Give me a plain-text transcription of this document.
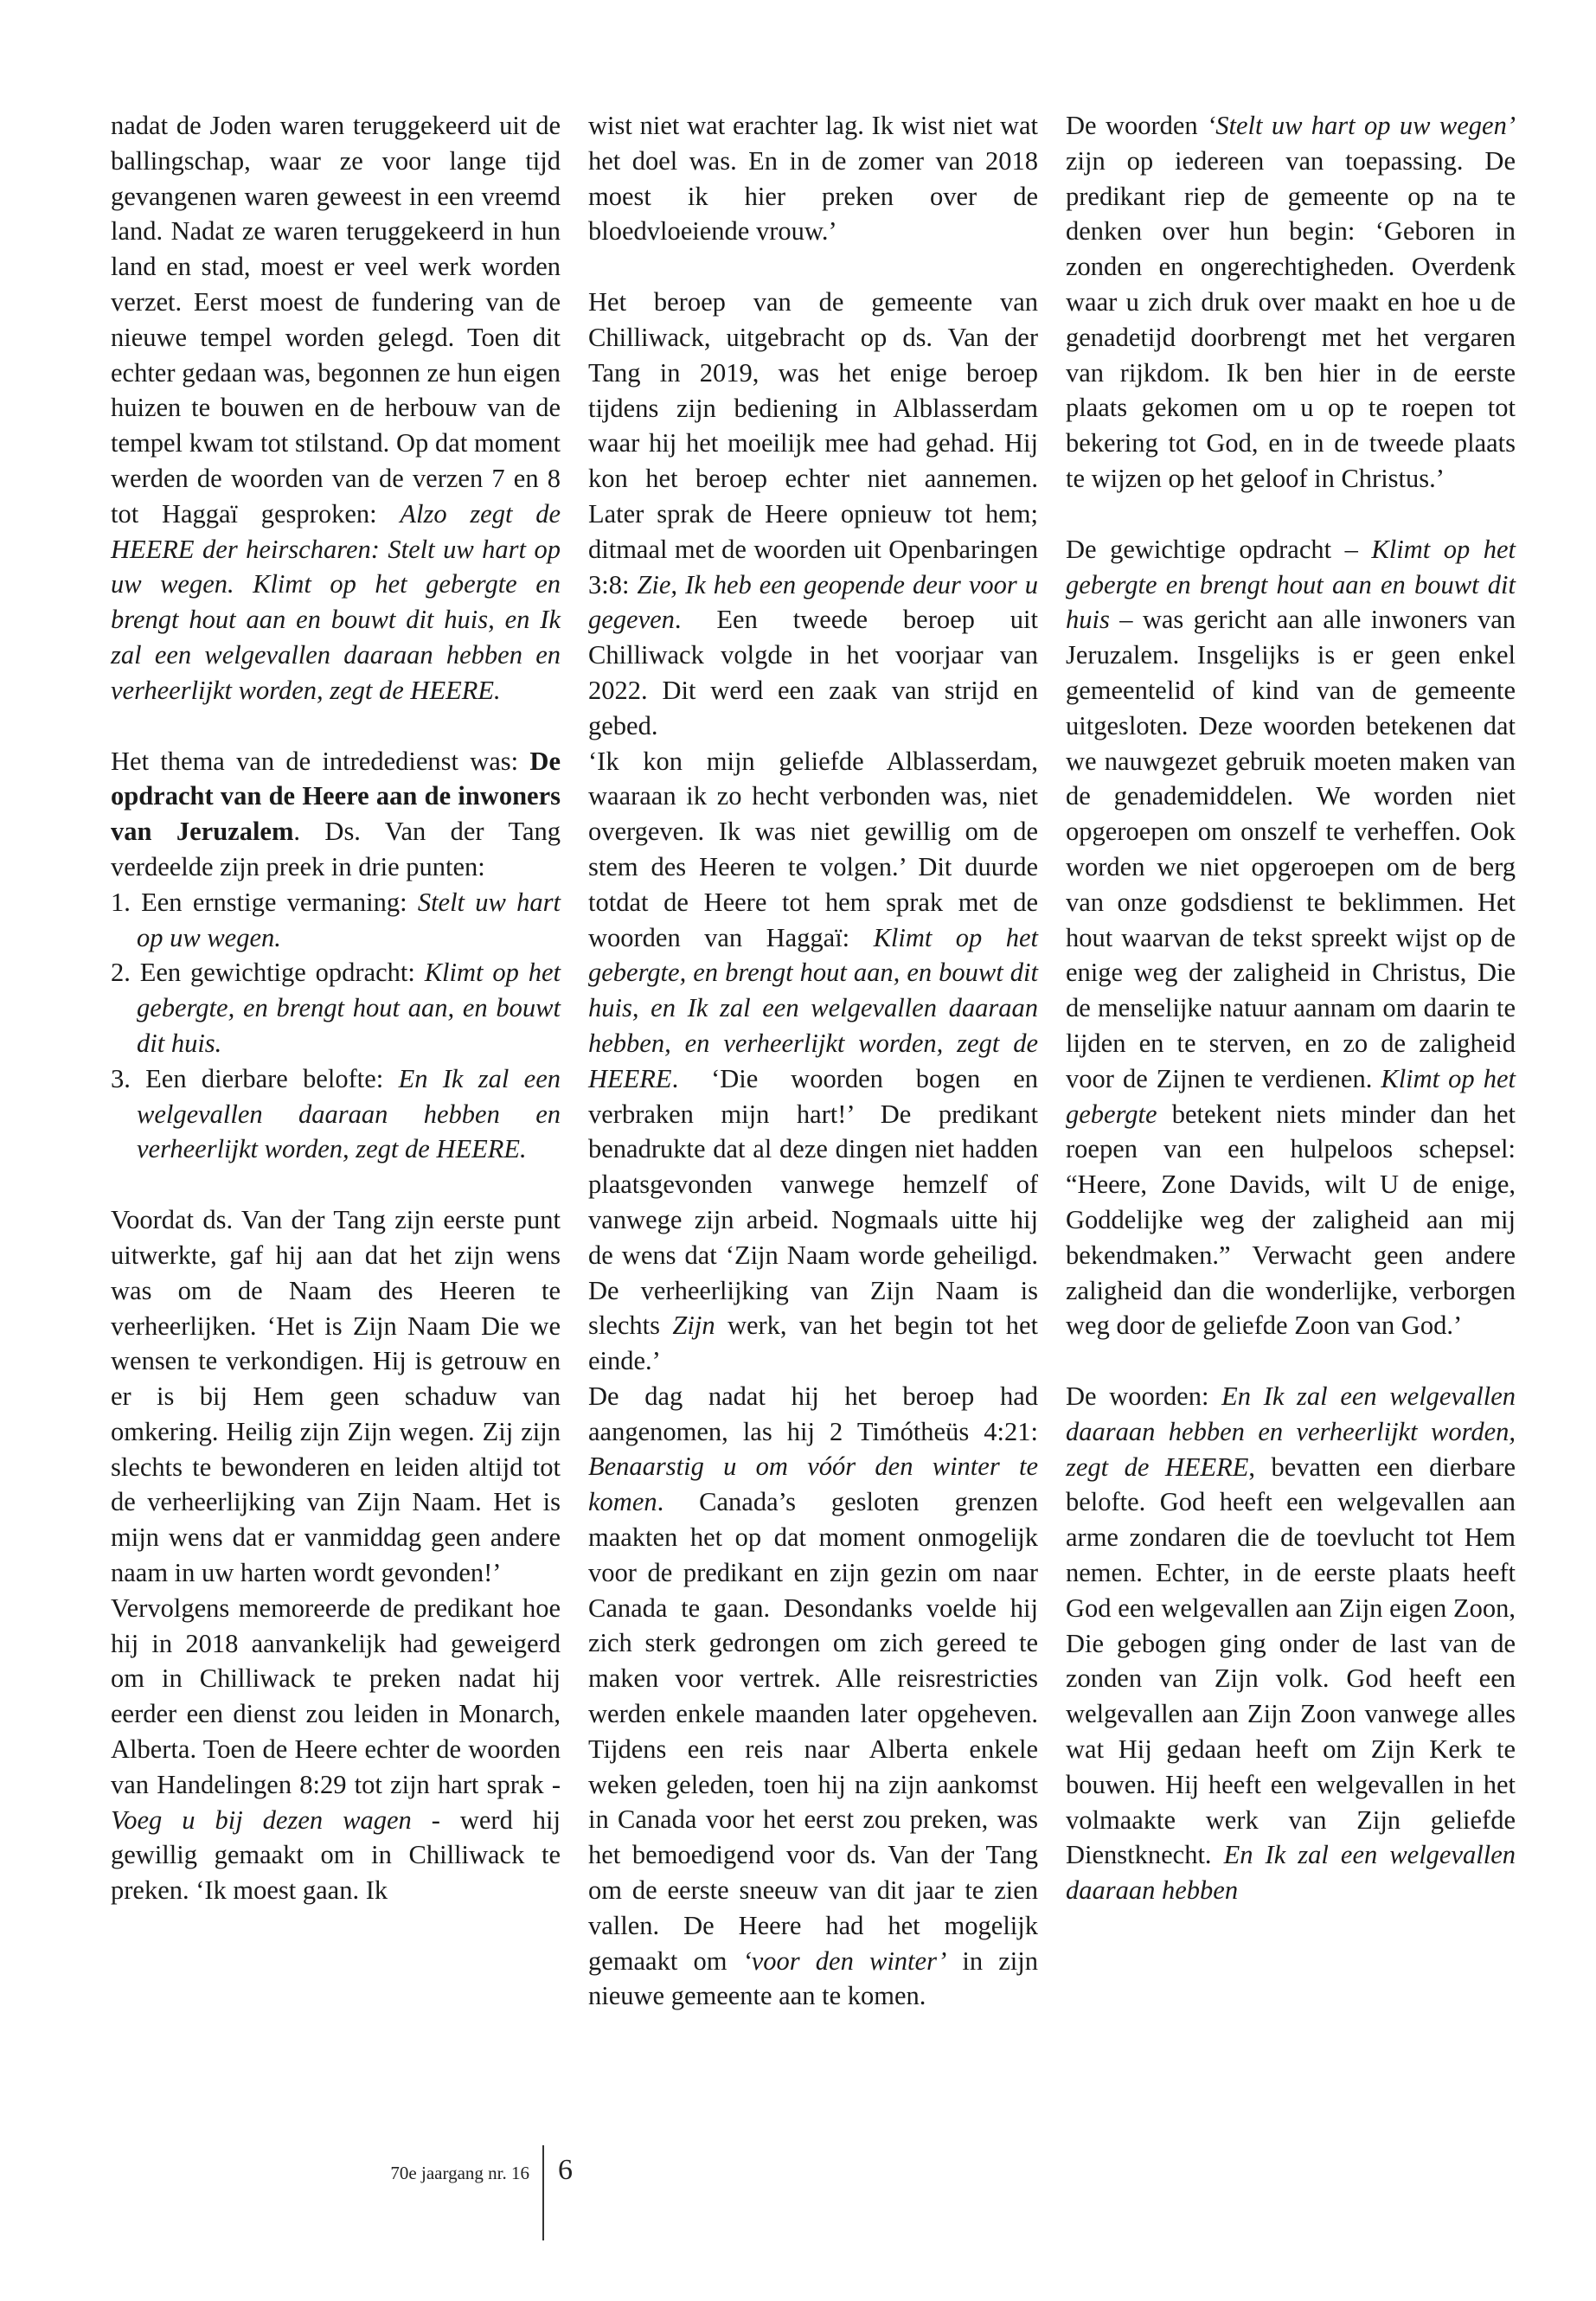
nadat de Joden waren teruggekeerd uit de ballingschap, waar ze voor lange tijd gevangenen waren geweest in een vreemd land. Nadat ze waren teruggekeerd in hun land en stad, moest er veel werk worden verzet. Eerst moest de fundering van de nieuwe tempel worden gelegd. Toen dit echter gedaan was, begonnen ze hun eigen huizen te bouwen en de herbouw van de tempel kwam tot stilstand. Op dat moment werden de woorden van de verzen 7 en 8 tot Haggaï gesproken: Alzo zegt de HEERE der heirscharen: Stelt uw hart op uw wegen. Klimt op het gebergte en brengt hout aan en bouwt dit huis, en Ik zal een welgevallen daaraan hebben en verheerlijkt worden, zegt de HEERE.

Het thema van de intrededienst was: De opdracht van de Heere aan de inwoners van Jeruzalem. Ds. Van der Tang verdeelde zijn preek in drie punten:

1. Een ernstige vermaning: Stelt uw hart op uw wegen.
2. Een gewichtige opdracht: Klimt op het gebergte, en brengt hout aan, en bouwt dit huis.
3. Een dierbare belofte: En Ik zal een welgevallen daaraan hebben en verheerlijkt worden, zegt de HEERE.

Voordat ds. Van der Tang zijn eerste punt uitwerkte, gaf hij aan dat het zijn wens was om de Naam des Heeren te verheerlijken. ‘Het is Zijn Naam Die we wensen te verkondigen. Hij is getrouw en er is bij Hem geen schaduw van omkering. Heilig zijn Zijn wegen. Zij zijn slechts te bewonderen en leiden altijd tot de verheerlijking van Zijn Naam. Het is mijn wens dat er vanmiddag geen andere naam in uw harten wordt gevonden!’

Vervolgens memoreerde de predikant hoe hij in 2018 aanvankelijk had geweigerd om in Chilliwack te preken nadat hij eerder een dienst zou leiden in Monarch, Alberta. Toen de Heere echter de woorden van Handelingen 8:29 tot zijn hart sprak - Voeg u bij dezen wagen - werd hij gewillig gemaakt om in Chilliwack te preken. ‘Ik moest gaan. Ik

wist niet wat erachter lag. Ik wist niet wat het doel was. En in de zomer van 2018 moest ik hier preken over de bloedvloeiende vrouw.’

Het beroep van de gemeente van Chilliwack, uitgebracht op ds. Van der Tang in 2019, was het enige beroep tijdens zijn bediening in Alblasserdam waar hij het moeilijk mee had gehad. Hij kon het beroep echter niet aannemen. Later sprak de Heere opnieuw tot hem; ditmaal met de woorden uit Openbaringen 3:8: Zie, Ik heb een geopende deur voor u gegeven. Een tweede beroep uit Chilliwack volgde in het voorjaar van 2022. Dit werd een zaak van strijd en gebed.

‘Ik kon mijn geliefde Alblasserdam, waaraan ik zo hecht verbonden was, niet overgeven. Ik was niet gewillig om de stem des Heeren te volgen.’ Dit duurde totdat de Heere tot hem sprak met de woorden van Haggaï: Klimt op het gebergte, en brengt hout aan, en bouwt dit huis, en Ik zal een welgevallen daaraan hebben, en verheerlijkt worden, zegt de HEERE. ‘Die woorden bogen en verbraken mijn hart!’ De predikant benadrukte dat al deze dingen niet hadden plaatsgevonden vanwege hemzelf of vanwege zijn arbeid. Nogmaals uitte hij de wens dat ‘Zijn Naam worde geheiligd. De verheerlijking van Zijn Naam is slechts Zijn werk, van het begin tot het einde.’

De dag nadat hij het beroep had aangenomen, las hij 2 Timótheüs 4:21: Benaarstig u om vóór den winter te komen. Canada’s gesloten grenzen maakten het op dat moment onmogelijk voor de predikant en zijn gezin om naar Canada te gaan. Desondanks voelde hij zich sterk gedrongen om zich gereed te maken voor vertrek. Alle reisrestricties werden enkele maanden later opgeheven. Tijdens een reis naar Alberta enkele weken geleden, toen hij na zijn aankomst in Canada voor het eerst zou preken, was het bemoedigend voor ds. Van der Tang om de eerste sneeuw van dit jaar te zien vallen. De Heere had het mogelijk gemaakt om ‘voor den winter’ in zijn nieuwe gemeente aan te komen.

De woorden ‘Stelt uw hart op uw wegen’ zijn op iedereen van toepassing. De predikant riep de gemeente op na te denken over hun begin: ‘Geboren in zonden en ongerechtigheden. Overdenk waar u zich druk over maakt en hoe u de genadetijd doorbrengt met het vergaren van rijkdom. Ik ben hier in de eerste plaats gekomen om u op te roepen tot bekering tot God, en in de tweede plaats te wijzen op het geloof in Christus.’

De gewichtige opdracht – Klimt op het gebergte en brengt hout aan en bouwt dit huis – was gericht aan alle inwoners van Jeruzalem. Insgelijks is er geen enkel gemeentelid of kind van de gemeente uitgesloten. Deze woorden betekenen dat we nauwgezet gebruik moeten maken van de genademiddelen. We worden niet opgeroepen om onszelf te verheffen. Ook worden we niet opgeroepen om de berg van onze godsdienst te beklimmen. Het hout waarvan de tekst spreekt wijst op de enige weg der zaligheid in Christus, Die de menselijke natuur aannam om daarin te lijden en te sterven, en zo de zaligheid voor de Zijnen te verdienen. Klimt op het gebergte betekent niets minder dan het roepen van een hulpeloos schepsel: “Heere, Zone Davids, wilt U de enige, Goddelijke weg der zaligheid aan mij bekendmaken.” Verwacht geen andere zaligheid dan die wonderlijke, verborgen weg door de geliefde Zoon van God.’

De woorden: En Ik zal een welgevallen daaraan hebben en verheerlijkt worden, zegt de HEERE, bevatten een dierbare belofte. God heeft een welgevallen aan arme zondaren die de toevlucht tot Hem nemen. Echter, in de eerste plaats heeft God een welgevallen aan Zijn eigen Zoon, Die gebogen ging onder de last van de zonden van Zijn volk. God heeft een welgevallen aan Zijn Zoon vanwege alles wat Hij gedaan heeft om Zijn Kerk te bouwen. Hij heeft een welgevallen in het volmaakte werk van Zijn geliefde Dienstknecht. En Ik zal een welgevallen daaraan hebben

70e jaargang nr. 16 6
